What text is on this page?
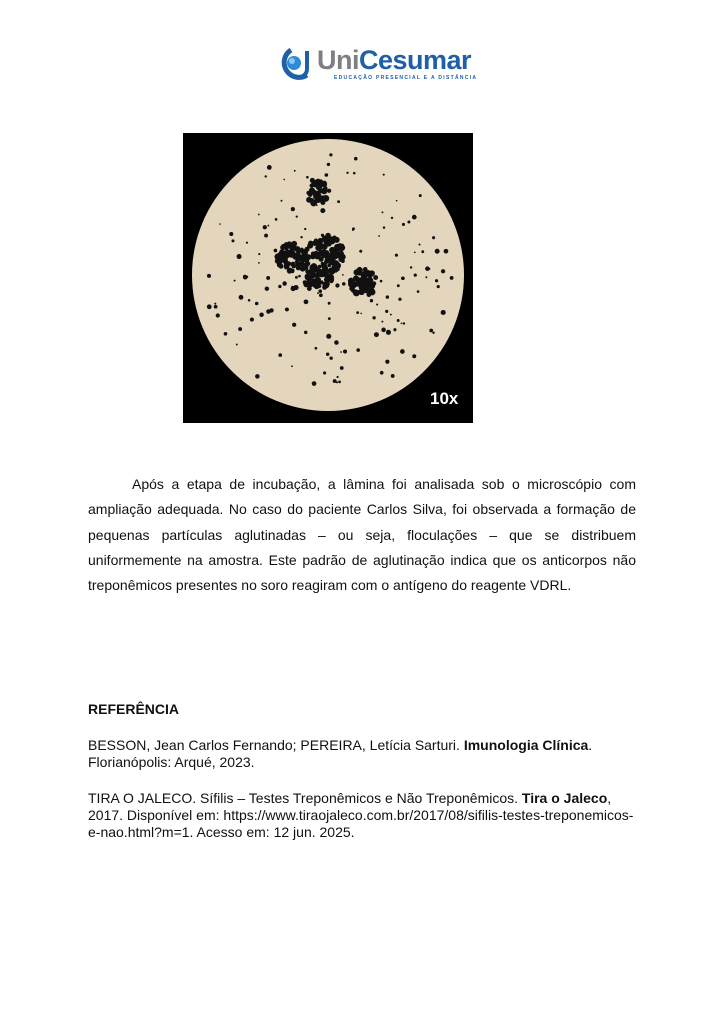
UniCesumar
EDUCAÇÃO PRESENCIAL E A DISTÂNCIA
10x

Após a etapa de incubação, a lâmina foi analisada sob o microscópio com ampliação adequada. No caso do paciente Carlos Silva, foi observada a formação de pequenas partículas aglutinadas – ou seja, floculações – que se distribuem uniformemente na amostra. Este padrão de aglutinação indica que os anticorpos não treponêmicos presentes no soro reagiram com o antígeno do reagente VDRL.

REFERÊNCIA

BESSON, Jean Carlos Fernando; PEREIRA, Letícia Sarturi. Imunologia Clínica. Florianópolis: Arqué, 2023.

TIRA O JALECO. Sífilis – Testes Treponêmicos e Não Treponêmicos. Tira o Jaleco, 2017. Disponível em: https://www.tiraojaleco.com.br/2017/08/sifilis-testes-treponemicos-e-nao.html?m=1. Acesso em: 12 jun. 2025.
